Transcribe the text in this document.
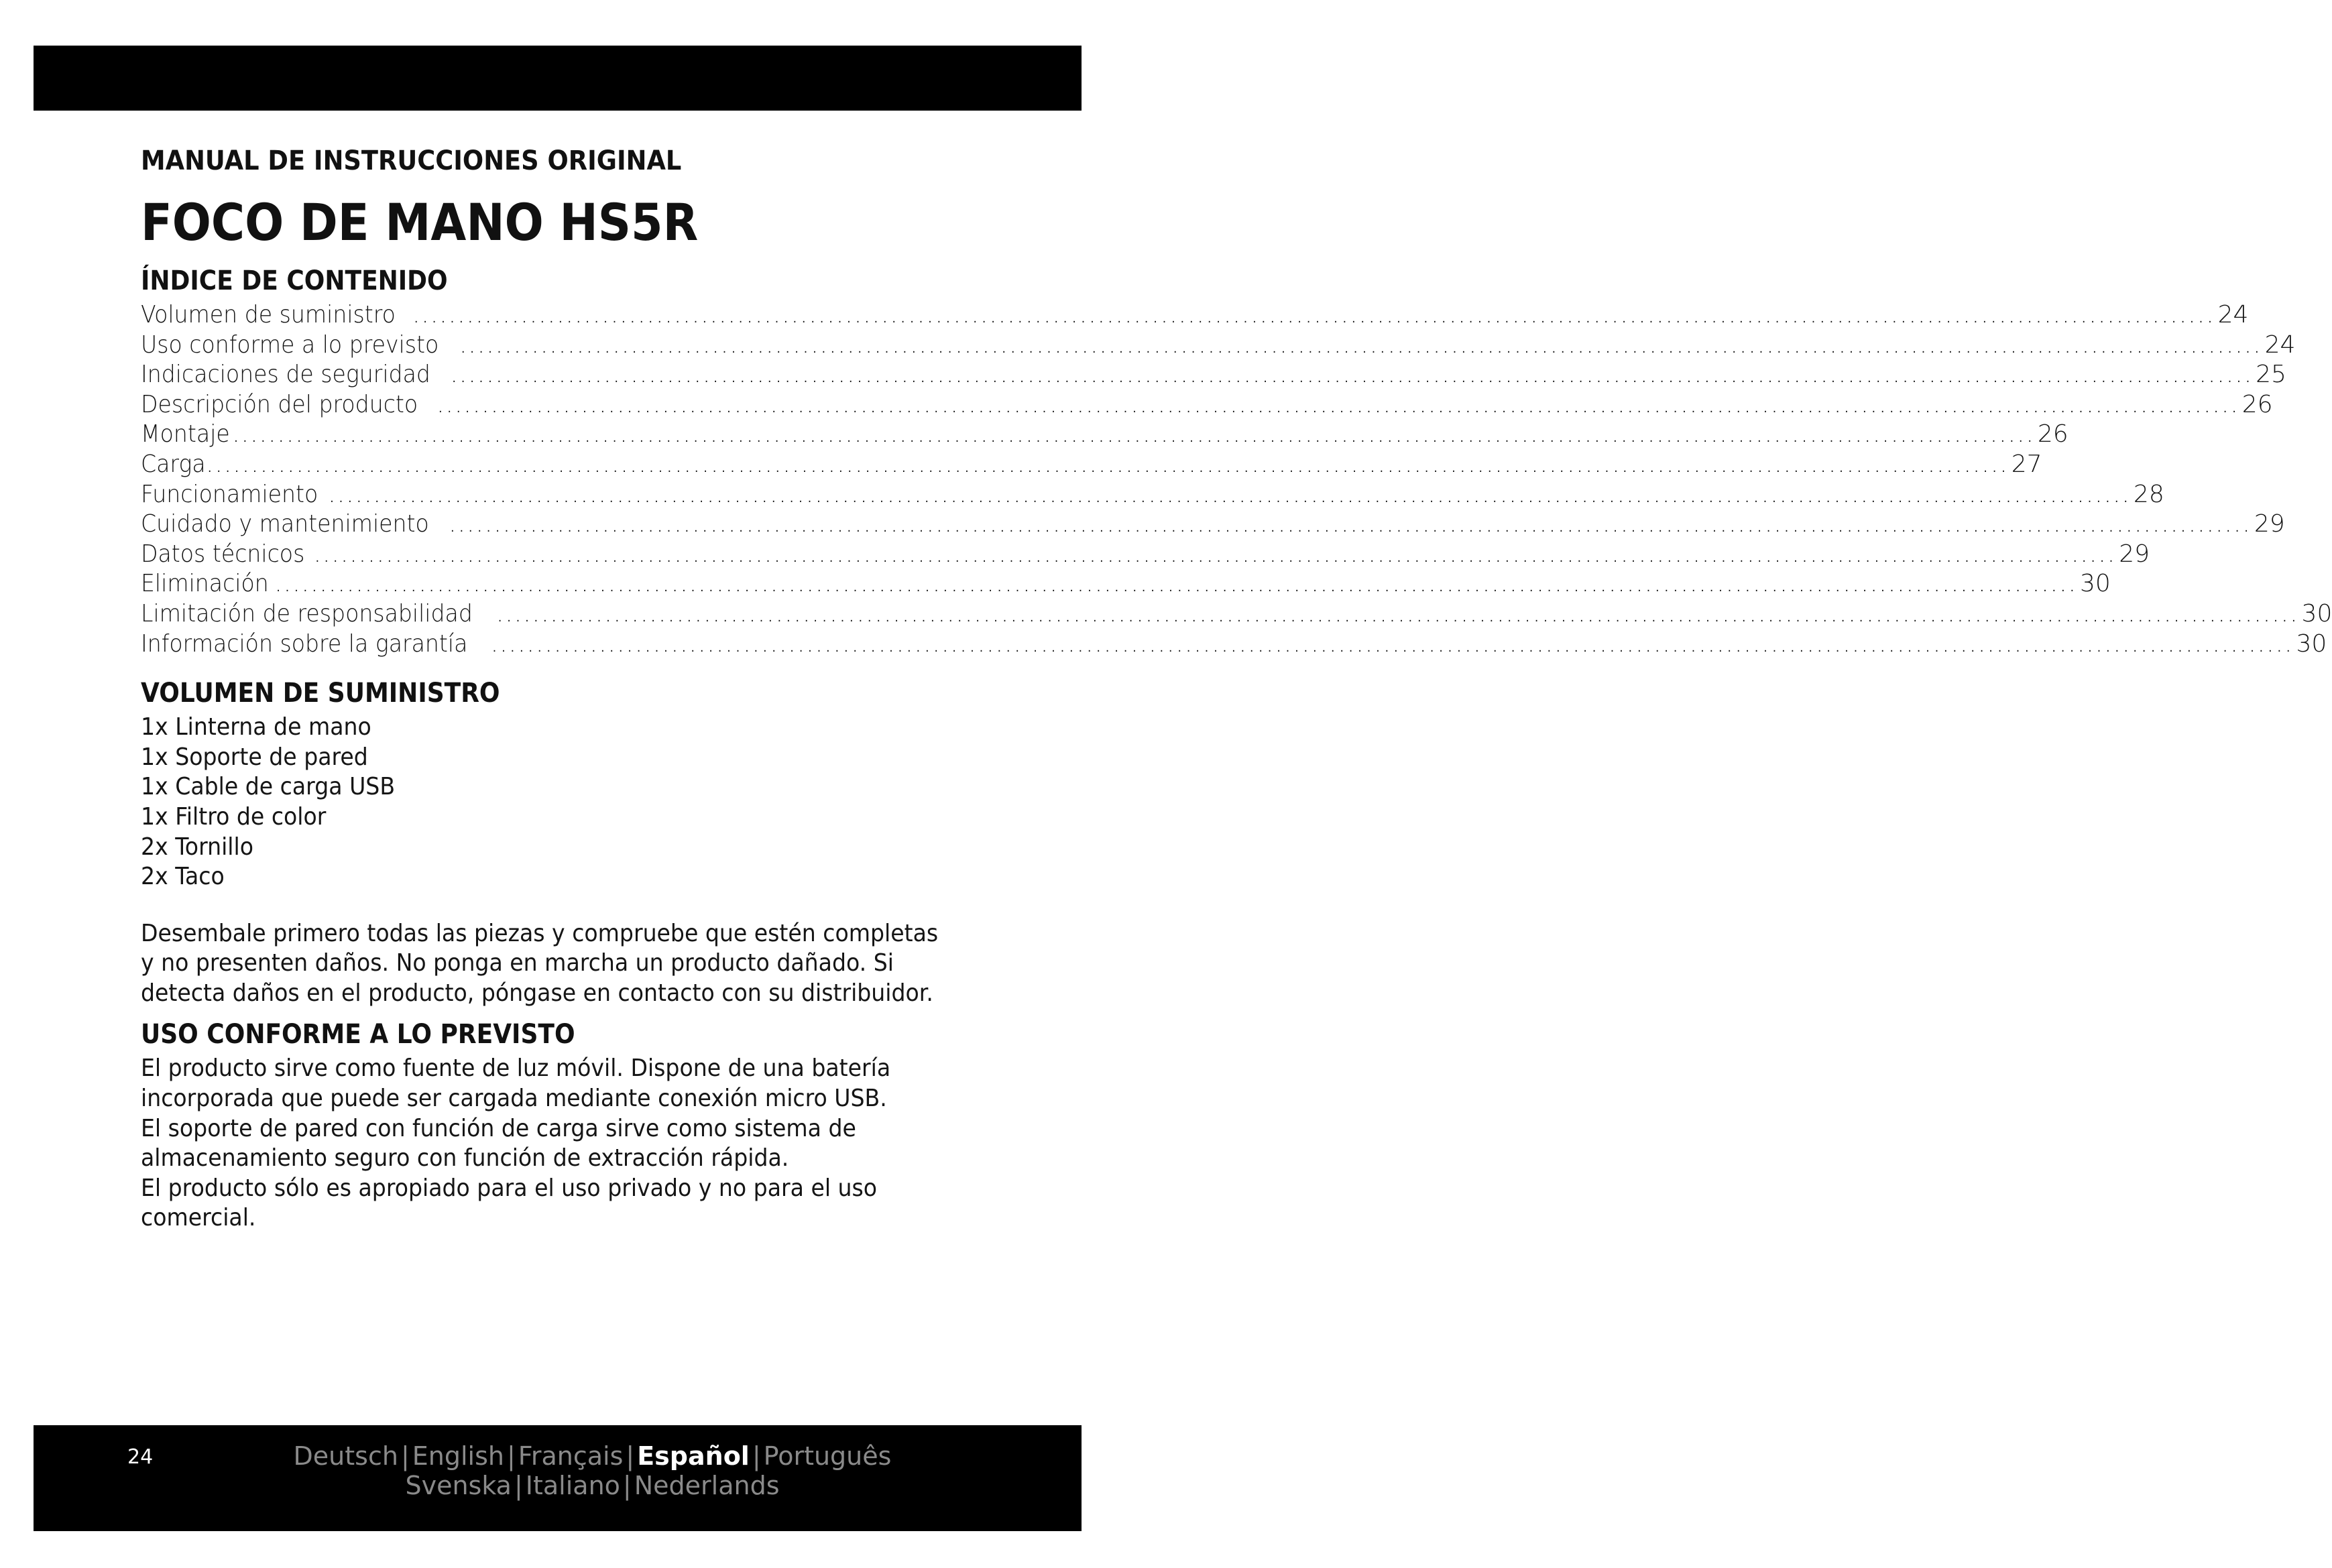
MANUAL DE INSTRUCCIONES ORIGINAL
FOCO DE MANO HS5R
ÍNDICE DE CONTENIDO
Volumen de suministro ........................................................................................................................................................................................................ 24
Uso conforme a lo previsto ........................................................................................................................................................................................................ 24
Indicaciones de seguridad ........................................................................................................................................................................................................ 25
Descripción del producto ........................................................................................................................................................................................................ 26
Montaje ........................................................................................................................................................................................................ 26
Carga ........................................................................................................................................................................................................ 27
Funcionamiento ........................................................................................................................................................................................................ 28
Cuidado y mantenimiento ........................................................................................................................................................................................................ 29
Datos técnicos ........................................................................................................................................................................................................ 29
Eliminación ........................................................................................................................................................................................................ 30
Limitación de responsabilidad ........................................................................................................................................................................................................ 30
Información sobre la garantía ........................................................................................................................................................................................................ 30
VOLUMEN DE SUMINISTRO
1x Linterna de mano
1x Soporte de pared
1x Cable de carga USB
1x Filtro de color
2x Tornillo
2x Taco
Desembale primero todas las piezas y compruebe que estén completas
y no presenten daños. No ponga en marcha un producto dañado. Si
detecta daños en el producto, póngase en contacto con su distribuidor.
USO CONFORME A LO PREVISTO
El producto sirve como fuente de luz móvil. Dispone de una batería
incorporada que puede ser cargada mediante conexión micro USB.
El soporte de pared con función de carga sirve como sistema de
almacenamiento seguro con función de extracción rápida.
El producto sólo es apropiado para el uso privado y no para el uso
comercial.
24	Deutsch | English | Français | Español | Português
Svenska | Italiano | Nederlands
